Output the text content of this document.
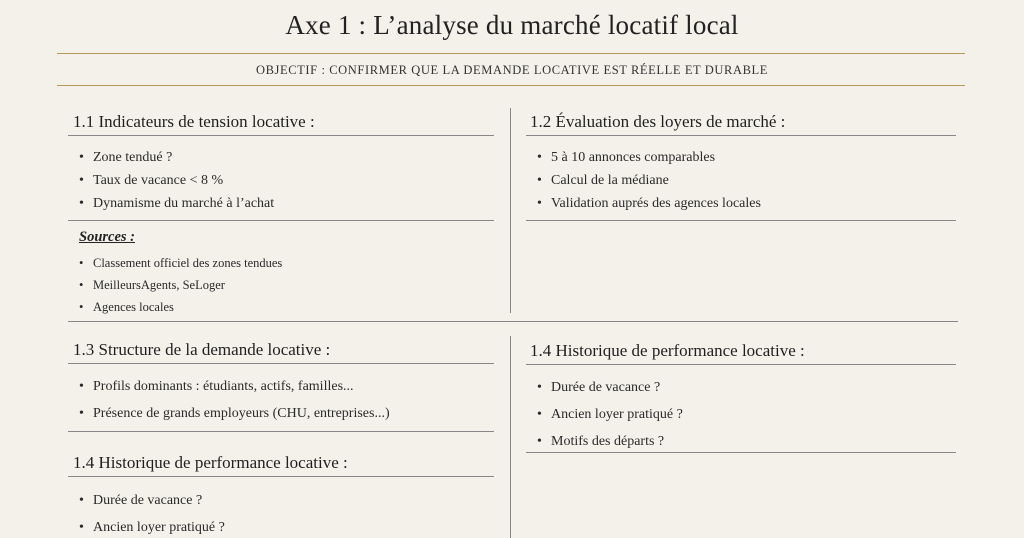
Axe 1 : L’analyse du marché locatif local
OBJECTIF : CONFIRMER QUE LA DEMANDE LOCATIVE EST RÉELLE ET DURABLE
1.1 Indicateurs de tension locative :
• Zone tendué ?
• Taux de vacance < 8 %
• Dynamisme du marché à l’achat
Sources :
• Classement officiel des zones tendues
• MeilleursAgents, SeLoger
• Agences locales
1.2 Évaluation des loyers de marché :
• 5 à 10 annonces comparables
• Calcul de la médiane
• Validation auprés des agences locales
1.3 Structure de la demande locative :
• Profils dominants : étudiants, actifs, familles...
• Présence de grands employeurs (CHU, entreprises...)
1.4 Historique de performance locative :
• Durée de vacance ?
• Ancien loyer pratiqué ?
• Motifs des départs ?
1.4 Historique de performance locative :
• Durée de vacance ?
• Ancien loyer pratiqué ?
